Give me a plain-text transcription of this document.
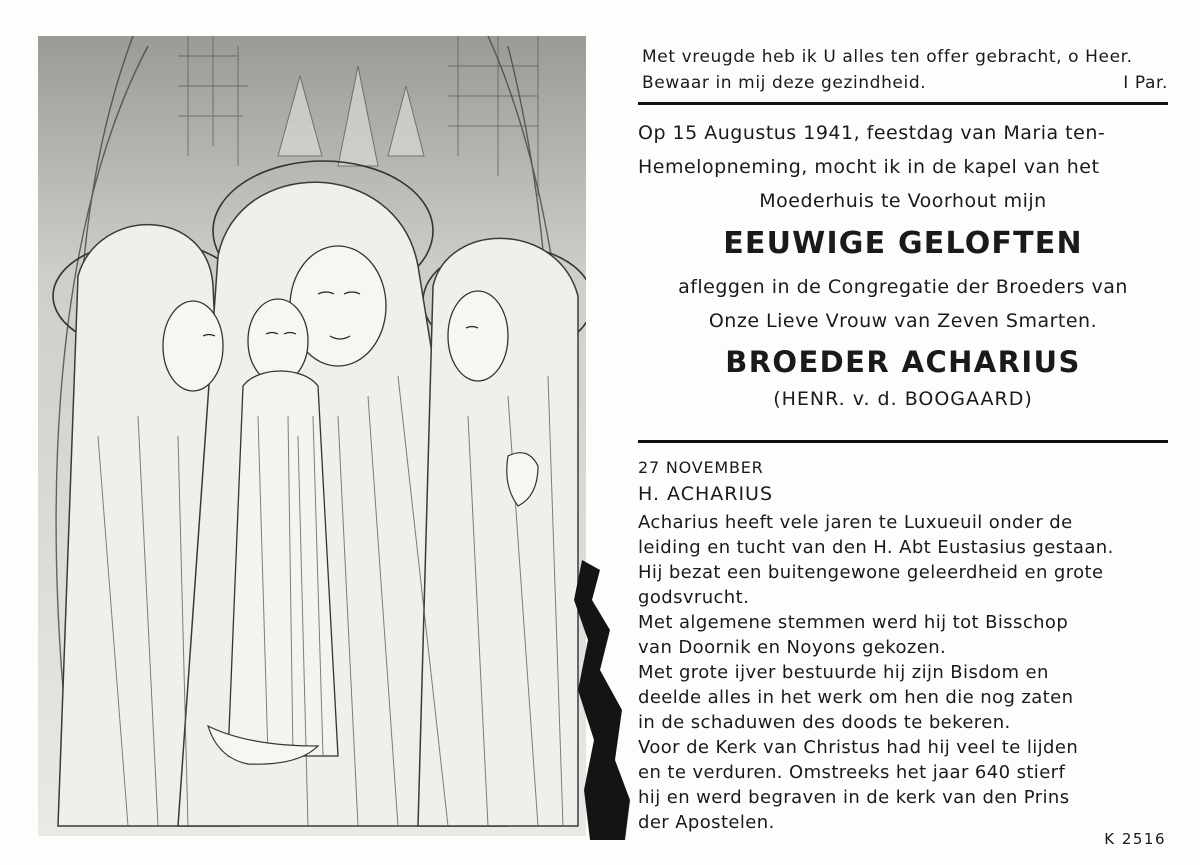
Met vreugde heb ik U alles ten offer gebracht, o Heer.
Bewaar in mij deze gezindheid.	I Par.
Op 15 Augustus 1941, feestdag van Maria ten-
Hemelopneming, mocht ik in de kapel van het
Moederhuis te Voorhout mijn
EEUWIGE GELOFTEN
afleggen in de Congregatie der Broeders van
Onze Lieve Vrouw van Zeven Smarten.
BROEDER ACHARIUS
(HENR. v. d. BOOGAARD)
27 NOVEMBER
H. ACHARIUS
Acharius heeft vele jaren te Luxueuil onder de
leiding en tucht van den H. Abt Eustasius gestaan.
Hij bezat een buitengewone geleerdheid en grote
godsvrucht.
Met algemene stemmen werd hij tot Bisschop
van Doornik en Noyons gekozen.
Met grote ijver bestuurde hij zijn Bisdom en
deelde alles in het werk om hen die nog zaten
in de schaduwen des doods te bekeren.
Voor de Kerk van Christus had hij veel te lijden
en te verduren. Omstreeks het jaar 640 stierf
hij en werd begraven in de kerk van den Prins
der Apostelen.
K 2516
